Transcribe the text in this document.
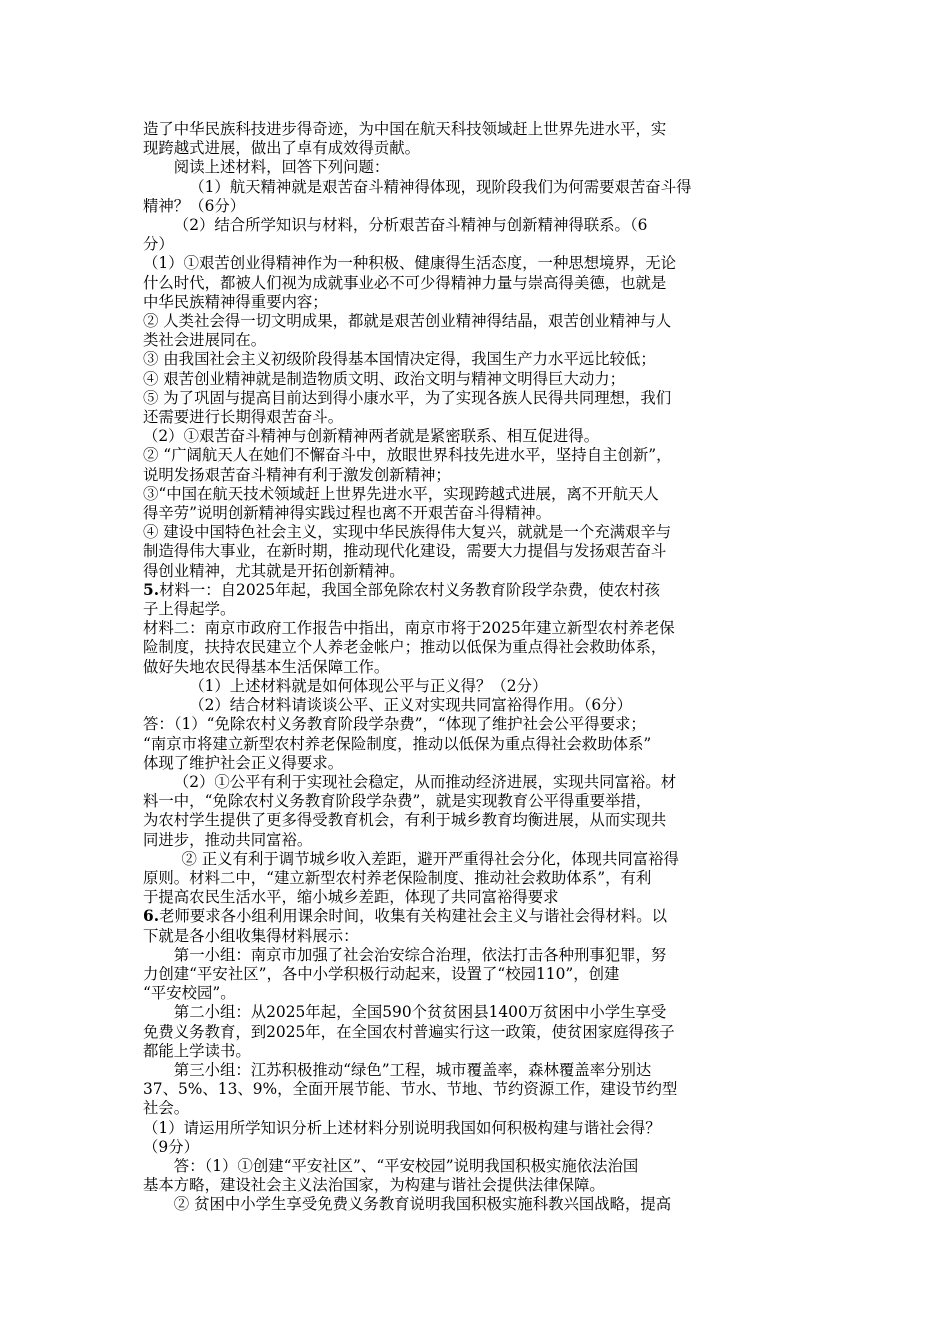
造了中华民族科技进步得奇迹，为中国在航天科技领域赶上世界先进水平，实

现跨越式进展，做出了卓有成效得贡献。

阅读上述材料，回答下列问题：

（1）航天精神就是艰苦奋斗精神得体现，现阶段我们为何需要艰苦奋斗得

精神？（6分）

（2）结合所学知识与材料，分析艰苦奋斗精神与创新精神得联系。（6

分）

（1）①艰苦创业得精神作为一种积极、健康得生活态度，一种思想境界，无论

什么时代，都被人们视为成就事业必不可少得精神力量与崇高得美德，也就是

中华民族精神得重要内容；

② 人类社会得一切文明成果，都就是艰苦创业精神得结晶，艰苦创业精神与人

类社会进展同在。

③ 由我国社会主义初级阶段得基本国情决定得，我国生产力水平远比较低；

④ 艰苦创业精神就是制造物质文明、政治文明与精神文明得巨大动力；

⑤ 为了巩固与提高目前达到得小康水平，为了实现各族人民得共同理想，我们

还需要进行长期得艰苦奋斗。

（2）①艰苦奋斗精神与创新精神两者就是紧密联系、相互促进得。

② “广阔航天人在她们不懈奋斗中，放眼世界科技先进水平，坚持自主创新”，

说明发扬艰苦奋斗精神有利于激发创新精神；

③“中国在航天技术领域赶上世界先进水平，实现跨越式进展，离不开航天人

得辛劳”说明创新精神得实践过程也离不开艰苦奋斗得精神。

④ 建设中国特色社会主义，实现中华民族得伟大复兴，就就是一个充满艰辛与

制造得伟大事业，在新时期，推动现代化建设，需要大力提倡与发扬艰苦奋斗

得创业精神，尤其就是开拓创新精神。

5.材料一：自2025年起，我国全部免除农村义务教育阶段学杂费，使农村孩

子上得起学。

材料二：南京市政府工作报告中指出，南京市将于2025年建立新型农村养老保

险制度，扶持农民建立个人养老金帐户；推动以低保为重点得社会救助体系，

做好失地农民得基本生活保障工作。

（1）上述材料就是如何体现公平与正义得？（2分）

（2）结合材料请谈谈公平、正义对实现共同富裕得作用。（6分）

答：（1）“免除农村义务教育阶段学杂费”，“体现了维护社会公平得要求；

“南京市将建立新型农村养老保险制度，推动以低保为重点得社会救助体系”

体现了维护社会正义得要求。

（2）①公平有利于实现社会稳定，从而推动经济进展，实现共同富裕。材

料一中，“免除农村义务教育阶段学杂费”，就是实现教育公平得重要举措，

为农村学生提供了更多得受教育机会，有利于城乡教育均衡进展，从而实现共

同进步，推动共同富裕。

② 正义有利于调节城乡收入差距，避开严重得社会分化，体现共同富裕得

原则。材料二中，“建立新型农村养老保险制度、推动社会救助体系”，有利

于提高农民生活水平，缩小城乡差距，体现了共同富裕得要求

6.老师要求各小组利用课余时间，收集有关构建社会主义与谐社会得材料。以

下就是各小组收集得材料展示：

第一小组：南京市加强了社会治安综合治理，依法打击各种刑事犯罪，努

力创建“平安社区”，各中小学积极行动起来，设置了“校园110”，创建

“平安校园”。

第二小组：从2025年起，全国590个贫贫困县1400万贫困中小学生享受

免费义务教育，到2025年，在全国农村普遍实行这一政策，使贫困家庭得孩子

都能上学读书。

第三小组：江苏积极推动“绿色”工程，城市覆盖率，森林覆盖率分别达

37、5%、13、9%，全面开展节能、节水、节地、节约资源工作，建设节约型

社会。

（1）请运用所学知识分析上述材料分别说明我国如何积极构建与谐社会得？

（9分）

答：（1）①创建“平安社区”、“平安校园”说明我国积极实施依法治国

基本方略，建设社会主义法治国家，为构建与谐社会提供法律保障。

② 贫困中小学生享受免费义务教育说明我国积极实施科教兴国战略，提高
